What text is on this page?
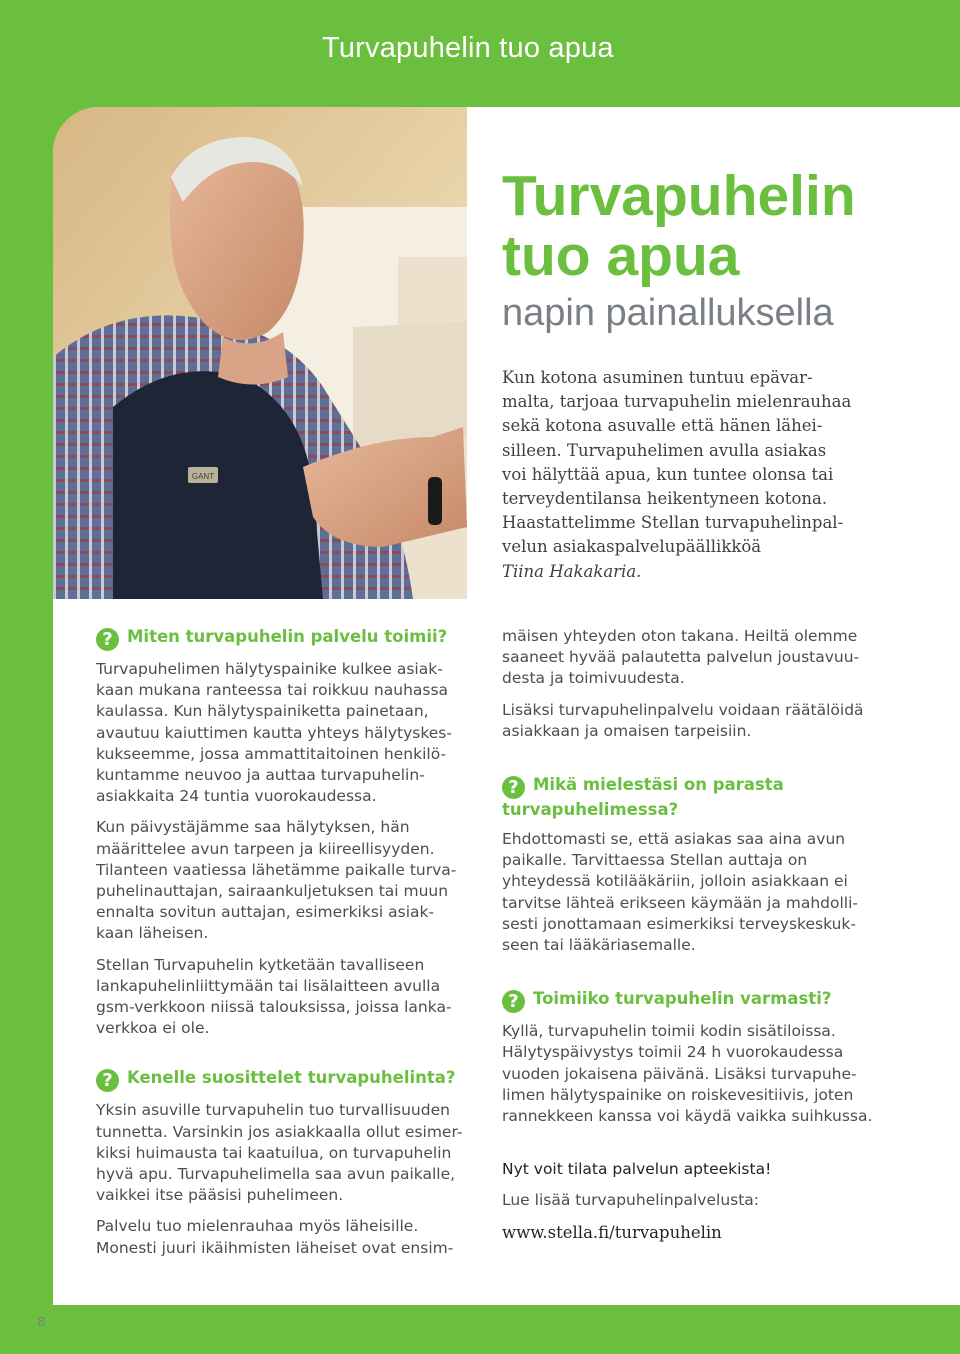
Turvapuhelin tuo apua
GANT
Turvapuhelin
tuo apua
napin painalluksella
Kun kotona asuminen tuntuu epävar-
malta, tarjoaa turvapuhelin mielenrauhaa
sekä kotona asuvalle että hänen lähei-
silleen. Turvapuhelimen avulla asiakas
voi hälyttää apua, kun tuntee olonsa tai
terveydentilansa heikentyneen kotona.
Haastattelimme Stellan turvapuhelinpal-
velun asiakaspalvelupäällikköä
Tiina Hakakaria.
? Miten turvapuhelin palvelu toimii?
Turvapuhelimen hälytyspainike kulkee asiak-
kaan mukana ranteessa tai roikkuu nauhassa
kaulassa. Kun hälytyspainiketta painetaan,
avautuu kaiuttimen kautta yhteys hälytyskes-
kukseemme, jossa ammattitaitoinen henkilö-
kuntamme neuvoo ja auttaa turvapuhelin-
asiakkaita 24 tuntia vuorokaudessa.
Kun päivystäjämme saa hälytyksen, hän
määrittelee avun tarpeen ja kiireellisyyden.
Tilanteen vaatiessa lähetämme paikalle turva-
puhelinauttajan, sairaankuljetuksen tai muun
ennalta sovitun auttajan, esimerkiksi asiak-
kaan läheisen.
Stellan Turvapuhelin kytketään tavalliseen
lankapuhelinliittymään tai lisälaitteen avulla
gsm-verkkoon niissä talouksissa, joissa lanka-
verkkoa ei ole.
? Kenelle suosittelet turvapuhelinta?
Yksin asuville turvapuhelin tuo turvallisuuden
tunnetta. Varsinkin jos asiakkaalla ollut esimer-
kiksi huimausta tai kaatuilua, on turvapuhelin
hyvä apu. Turvapuhelimella saa avun paikalle,
vaikkei itse pääsisi puhelimeen.
Palvelu tuo mielenrauhaa myös läheisille.
Monesti juuri ikäihmisten läheiset ovat ensim-
mäisen yhteyden oton takana. Heiltä olemme
saaneet hyvää palautetta palvelun joustavuu-
desta ja toimivuudesta.
Lisäksi turvapuhelinpalvelu voidaan räätälöidä
asiakkaan ja omaisen tarpeisiin.
? Mikä mielestäsi on parasta
turvapuhelimessa?
Ehdottomasti se, että asiakas saa aina avun
paikalle. Tarvittaessa Stellan auttaja on
yhteydessä kotilääkäriin, jolloin asiakkaan ei
tarvitse lähteä erikseen käymään ja mahdolli-
sesti jonottamaan esimerkiksi terveyskeskuk-
seen tai lääkäriasemalle.
? Toimiiko turvapuhelin varmasti?
Kyllä, turvapuhelin toimii kodin sisätiloissa.
Hälytyspäivystys toimii 24 h vuorokaudessa
vuoden jokaisena päivänä. Lisäksi turvapuhe-
limen hälytyspainike on roiskevesitiivis, joten
rannekkeen kanssa voi käydä vaikka suihkussa.
Nyt voit tilata palvelun apteekista!
Lue lisää turvapuhelinpalvelusta:
www.stella.fi/turvapuhelin
8
